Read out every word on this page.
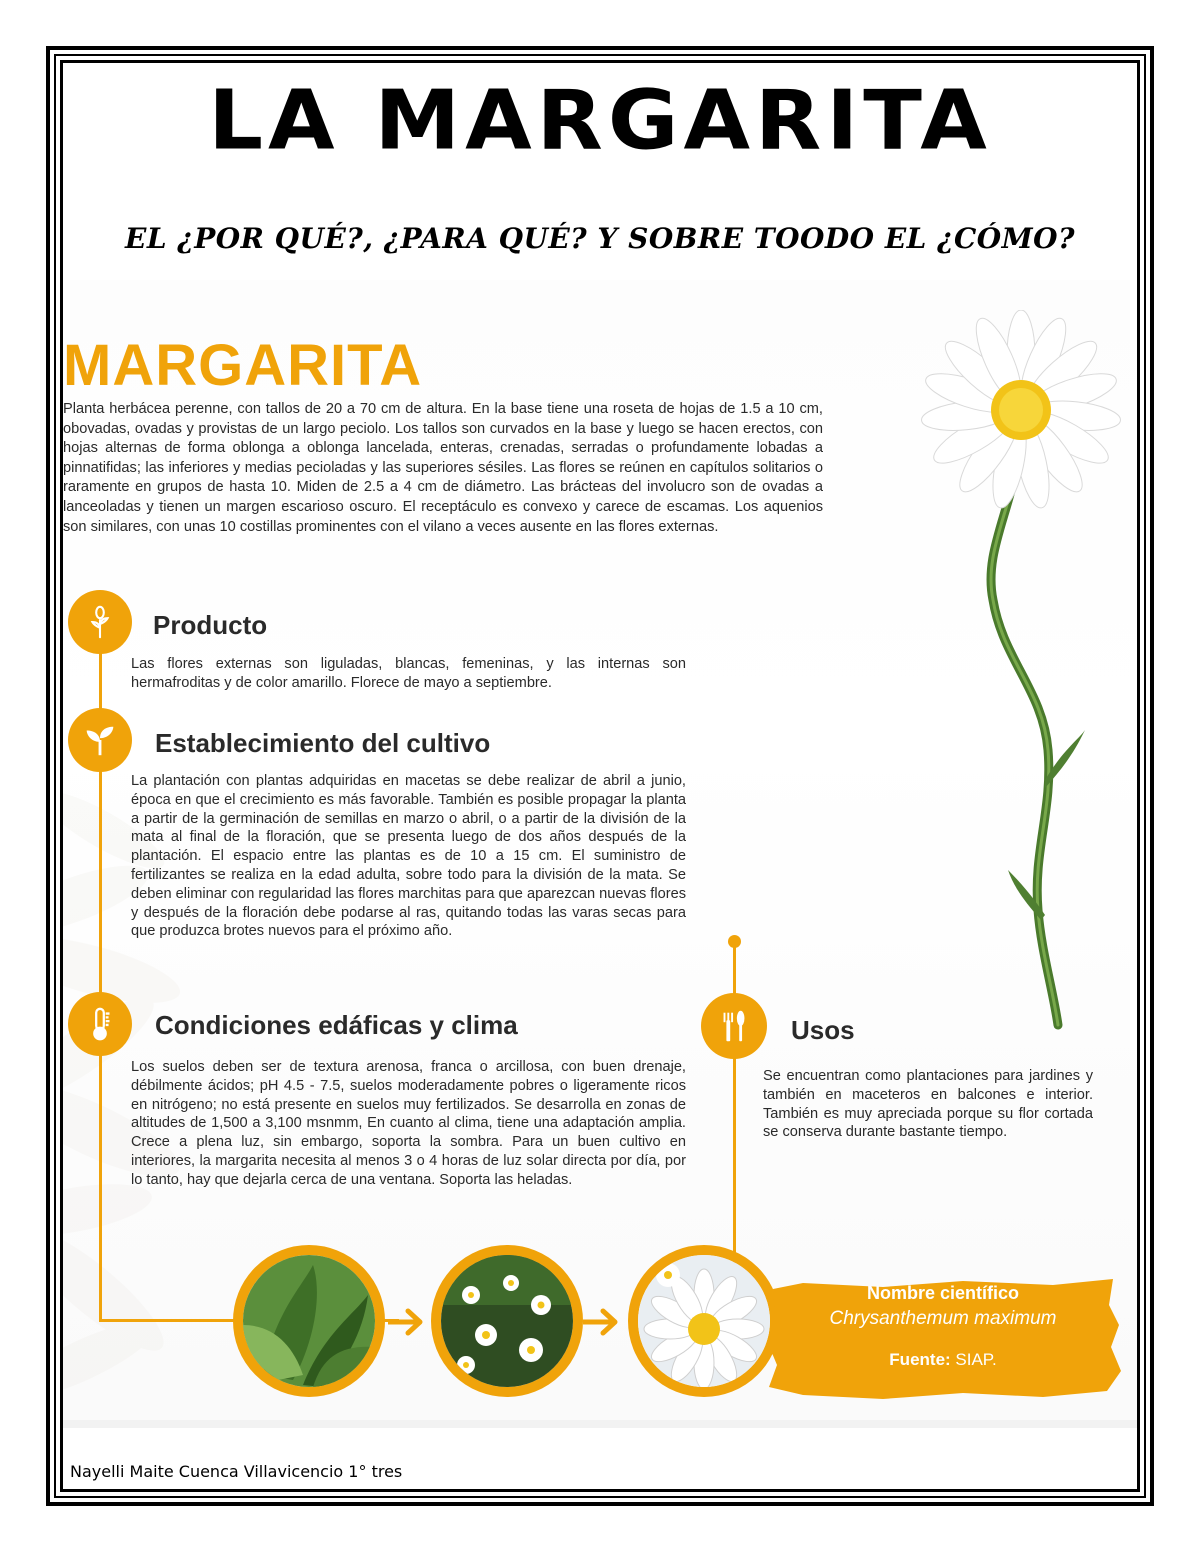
LA MARGARITA
EL ¿POR QUÉ?, ¿PARA QUÉ? Y SOBRE TOODO EL ¿CÓMO?
MARGARITA

Planta herbácea perenne, con tallos de 20 a 70 cm de altura. En la base tiene una roseta de hojas de 1.5 a 10 cm, obovadas, ovadas y provistas de un largo peciolo. Los tallos son curvados en la base y luego se hacen erectos, con hojas alternas de forma oblonga a oblonga lancelada, enteras, crenadas, serradas o profundamente lobadas a pinnatifidas; las inferiores y medias pecioladas y las superiores sésiles. Las flores se reúnen en capítulos solitarios o raramente en grupos de hasta 10. Miden de 2.5 a 4 cm de diámetro. Las brácteas del involucro son de ovadas a lanceoladas y tienen un margen escarioso oscuro. El receptáculo es convexo y carece de escamas. Los aquenios son similares, con unas 10 costillas prominentes con el vilano a veces ausente en las flores externas.

Producto

Las flores externas son liguladas, blancas, femeninas, y las internas son hermafroditas y de color amarillo. Florece de mayo a septiembre.

Establecimiento del cultivo

La plantación con plantas adquiridas en macetas se debe realizar de abril a junio, época en que el crecimiento es más favorable. También es posible propagar la planta a partir de la germinación de semillas en marzo o abril, o a partir de la división de la mata al final de la floración, que se presenta luego de dos años después de la plantación. El espacio entre las plantas es de 10 a 15 cm. El suministro de fertilizantes se realiza en la edad adulta, sobre todo para la división de la mata. Se deben eliminar con regularidad las flores marchitas para que aparezcan nuevas flores y después de la floración debe podarse al ras, quitando todas las varas secas para que produzca brotes nuevos para el próximo año.

Condiciones edáficas y clima

Los suelos deben ser de textura arenosa, franca o arcillosa, con buen drenaje, débilmente ácidos; pH 4.5 - 7.5, suelos moderadamente pobres o ligeramente ricos en nitrógeno; no está presente en suelos muy fertilizados. Se desarrolla en zonas de altitudes de 1,500 a 3,100 msnmm, En cuanto al clima, tiene una adaptación amplia. Crece a plena luz, sin embargo, soporta la sombra. Para un buen cultivo en interiores, la margarita necesita al menos 3 o 4 horas de luz solar directa por día, por lo tanto, hay que dejarla cerca de una ventana. Soporta las heladas.

Usos

Se encuentran como plantaciones para jardines y también en maceteros en balcones e interior. También es muy apreciada porque su flor cortada se conserva durante bastante tiempo.

Nombre científico
Chrysanthemum maximum
Fuente: SIAP.
Nayelli Maite Cuenca Villavicencio 1° tres
